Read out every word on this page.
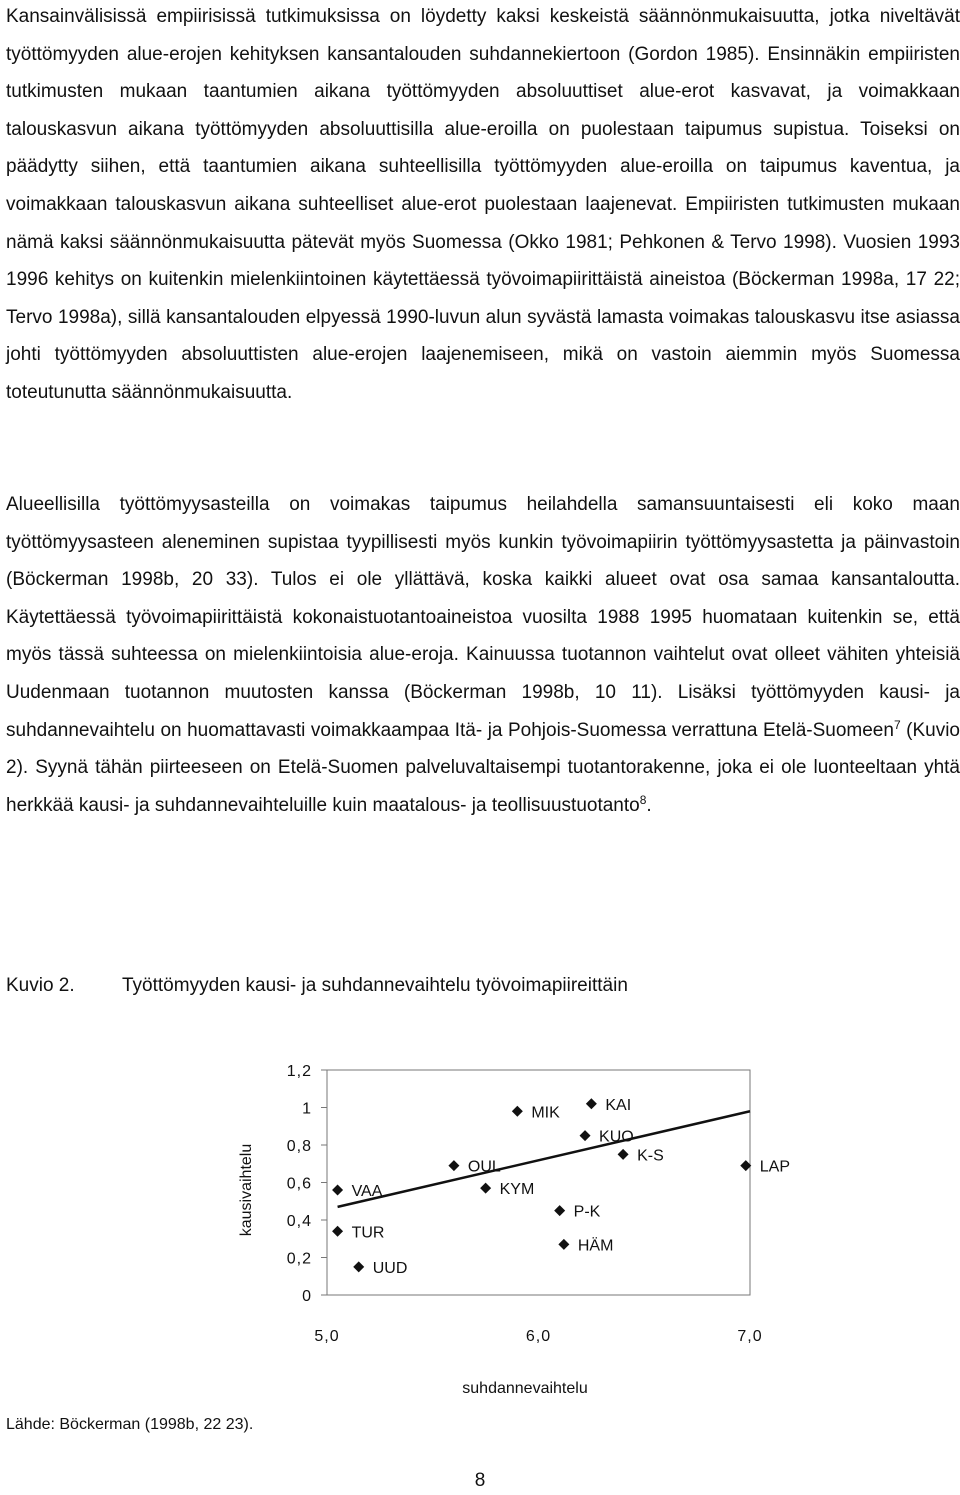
Kansainvälisissä empiirisissä tutkimuksissa on löydetty kaksi keskeistä säännönmukaisuutta, jotka niveltävät työttömyyden alue-erojen kehityksen kansantalouden suhdannekiertoon (Gordon 1985). Ensinnäkin empiiristen tutkimusten mukaan taantumien aikana työttömyyden absoluuttiset alue-erot kasvavat, ja voimakkaan talouskasvun aikana työttömyyden absoluuttisilla alue-eroilla on puolestaan taipumus supistua. Toiseksi on päädytty siihen, että taantumien aikana suhteellisilla työttömyyden alue-eroilla on taipumus kaventua, ja voimakkaan talouskasvun aikana suhteelliset alue-erot puolestaan laajenevat. Empiiristen tutkimusten mukaan nämä kaksi säännönmukaisuutta pätevät myös Suomessa (Okko 1981; Pehkonen & Tervo 1998). Vuosien 1993 1996 kehitys on kuitenkin mielenkiintoinen käytettäessä työvoimapiirittäistä aineistoa (Böckerman 1998a, 17 22; Tervo 1998a), sillä kansantalouden elpyessä 1990-luvun alun syvästä lamasta voimakas talouskasvu itse asiassa johti työttömyyden absoluuttisten alue-erojen laajenemiseen, mikä on vastoin aiemmin myös Suomessa toteutunutta säännönmukaisuutta.

Alueellisilla työttömyysasteilla on voimakas taipumus heilahdella samansuuntaisesti eli koko maan työttömyysasteen aleneminen supistaa tyypillisesti myös kunkin työvoimapiirin työttömyysastetta ja päinvastoin (Böckerman 1998b, 20 33). Tulos ei ole yllättävä, koska kaikki alueet ovat osa samaa kansantaloutta. Käytettäessä työvoimapiirittäistä kokonaistuotantoaineistoa vuosilta 1988 1995 huomataan kuitenkin se, että myös tässä suhteessa on mielenkiintoisia alue-eroja. Kainuussa tuotannon vaihtelut ovat olleet vähiten yhteisiä Uudenmaan tuotannon muutosten kanssa (Böckerman 1998b, 10 11). Lisäksi työttömyyden kausi- ja suhdannevaihtelu on huomattavasti voimakkaampaa Itä- ja Pohjois-Suomessa verrattuna Etelä-Suomeen$^7$ (Kuvio 2). Syynä tähän piirteeseen on Etelä-Suomen palveluvaltaisempi tuotantorakenne, joka ei ole luonteeltaan yhtä herkkää kausi- ja suhdannevaihteluille kuin maatalous- ja teollisuustuotanto$^8$.

Kuvio 2. Työttömyyden kausi- ja suhdannevaihtelu työvoimapiireittäin
0
0,2
0,4
0,6
0,8
1
1,2
5,0	6,0	7,0
MIK	KAI
KUO
K-S
LAP
OUL
KYM
VAA
P-K
TUR
HÄM
UUD
suhdannevaihtelu
kausivaihtelu
Lähde: Böckerman (1998b, 22 23).
8
